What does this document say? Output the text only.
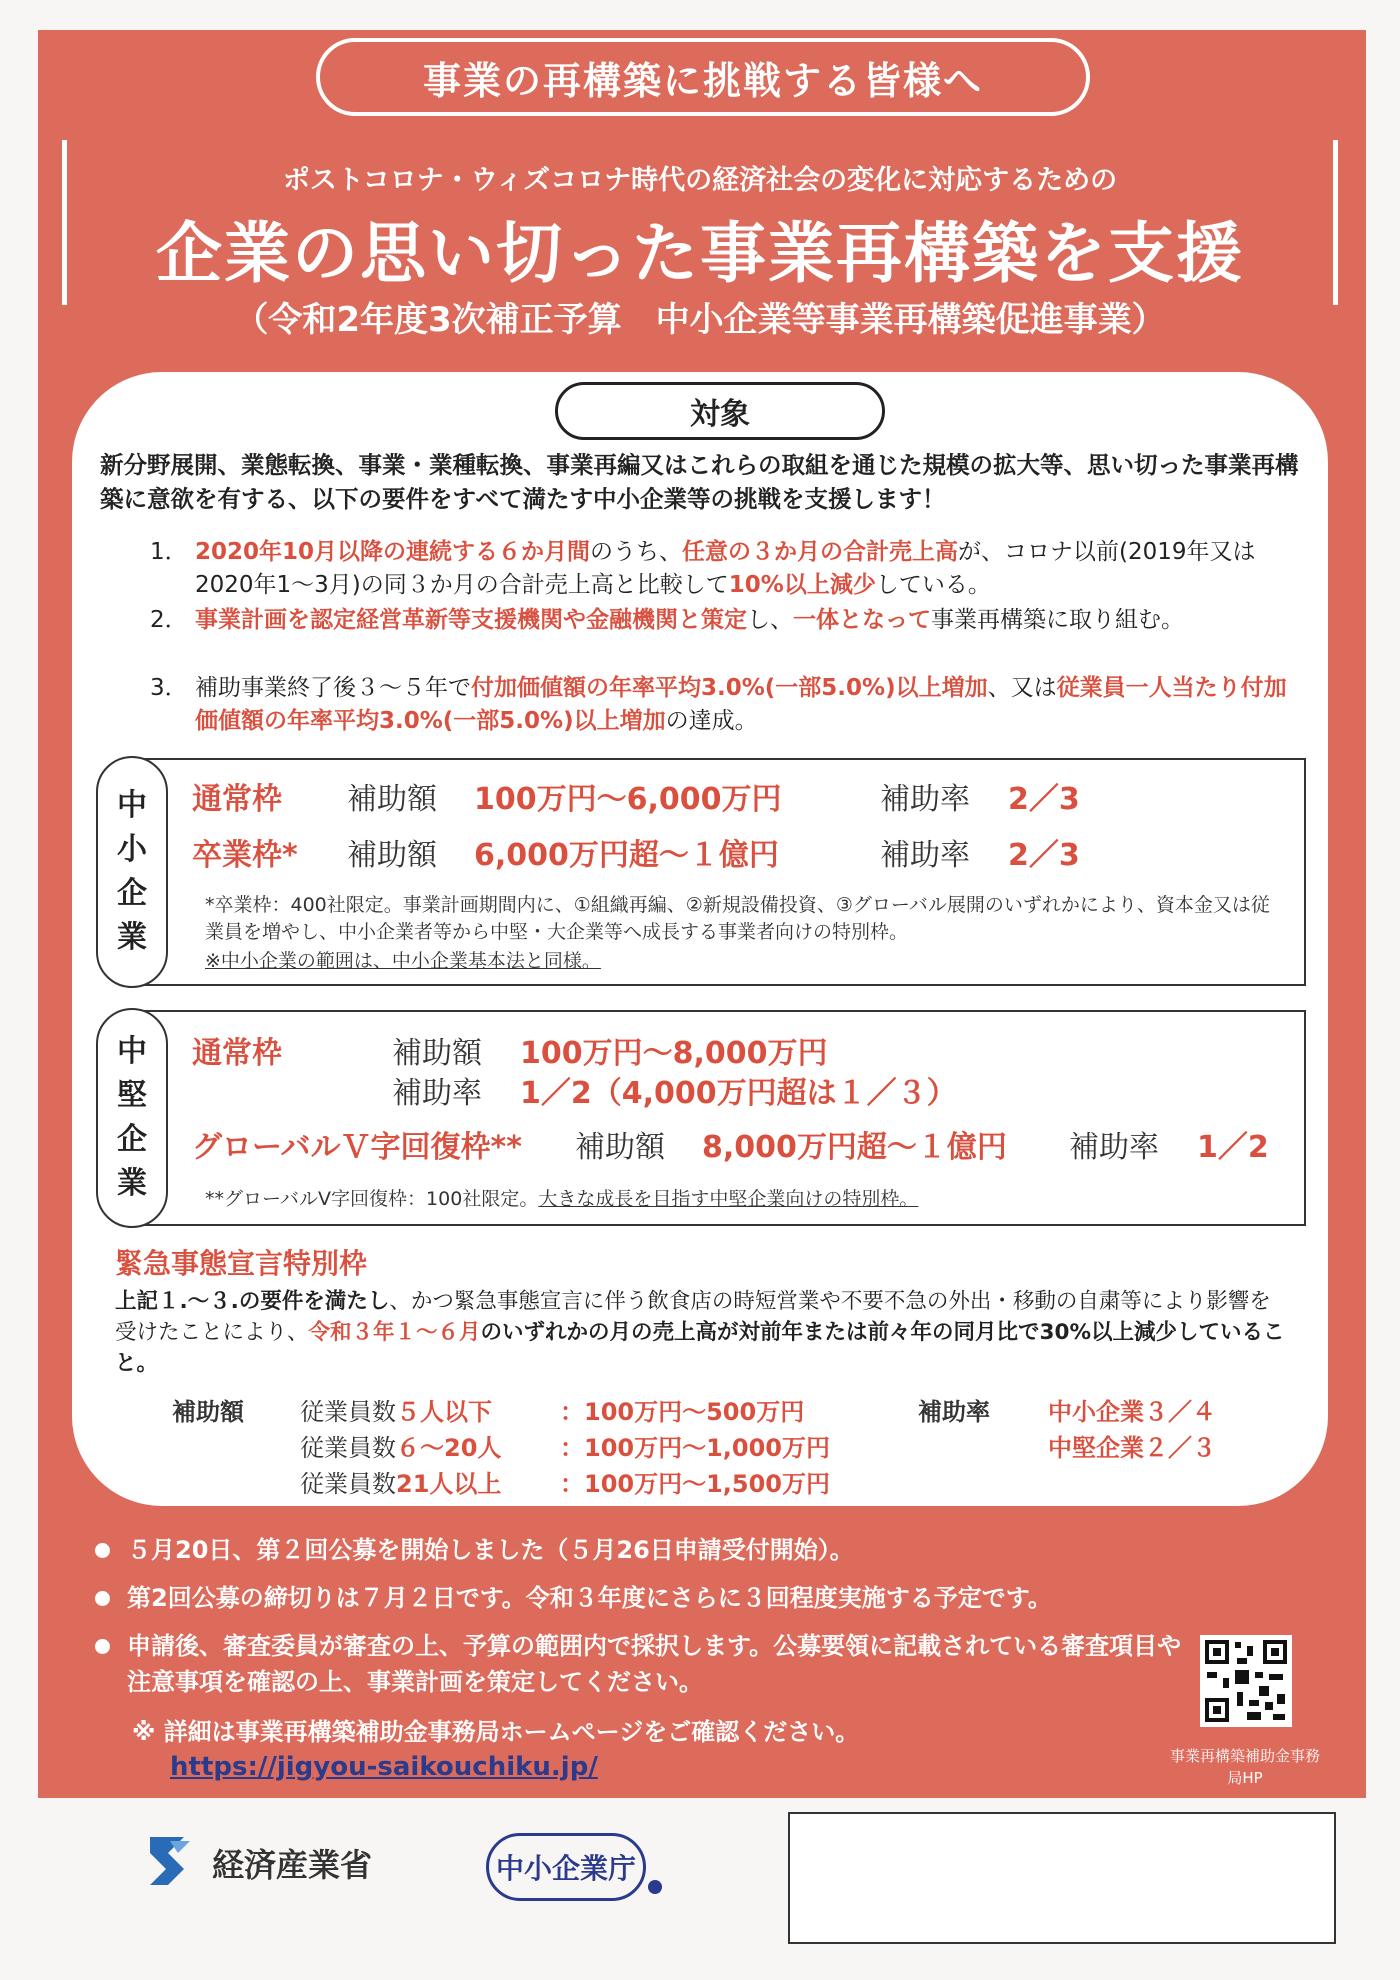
事業の再構築に挑戦する皆様へ
ポストコロナ・ウィズコロナ時代の経済社会の変化に対応するための
企業の思い切った事業再構築を支援
（令和2年度3次補正予算　中小企業等事業再構築促進事業）
対象
新分野展開、業態転換、事業・業種転換、事業再編又はこれらの取組を通じた規模の拡大等、思い切った事業再構築に意欲を有する、以下の要件をすべて満たす中小企業等の挑戦を支援します！
1． 2020年10月以降の連続する６か月間のうち、任意の３か月の合計売上高が、コロナ以前(2019年又は2020年1～3月)の同３か月の合計売上高と比較して10%以上減少している。
2． 事業計画を認定経営革新等支援機関や金融機関と策定し、一体となって事業再構築に取り組む。
3． 補助事業終了後３～５年で付加価値額の年率平均3.0%(一部5.0%)以上増加、又は従業員一人当たり付加価値額の年率平均3.0%(一部5.0%)以上増加の達成。
中
小
企
業
通常枠 補助額 100万円～6,000万円	補助率 2／3
卒業枠* 補助額 6,000万円超～１億円	補助率 2／3
*卒業枠：400社限定。事業計画期間内に、①組織再編、②新規設備投資、③グローバル展開のいずれかにより、資本金又は従業員を増やし、中小企業者等から中堅・大企業等へ成長する事業者向けの特別枠。
※中小企業の範囲は、中小企業基本法と同様。
中
堅
企
業
通常枠	補助額 100万円～8,000万円
補助率 1／2（4,000万円超は１／３）
グローバルＶ字回復枠** 補助額 8,000万円超～１億円 補助率 1／2
**グローバルV字回復枠：100社限定。大きな成長を目指す中堅企業向けの特別枠。
緊急事態宣言特別枠
上記１.～３.の要件を満たし、かつ緊急事態宣言に伴う飲食店の時短営業や不要不急の外出・移動の自粛等により影響を受けたことにより、令和３年１～６月のいずれかの月の売上高が対前年または前々年の同月比で30%以上減少していること。
補助額 従業員数５人以下	：100万円～500万円
従業員数６～20人 ：100万円～1,000万円
従業員数21人以上 ：100万円～1,500万円
補助率 中小企業３／４
中堅企業２／３
５月20日、第２回公募を開始しました（５月26日申請受付開始）。
第2回公募の締切りは７月２日です。令和３年度にさらに３回程度実施する予定です。
申請後、審査委員が審査の上、予算の範囲内で採択します。公募要領に記載されている審査項目や注意事項を確認の上、事業計画を策定してください。
※ 詳細は事業再構築補助金事務局ホームページをご確認ください。
https://jigyou-saikouchiku.jp/	事業再構築補助金事務局HP
経済産業省	中小企業庁
